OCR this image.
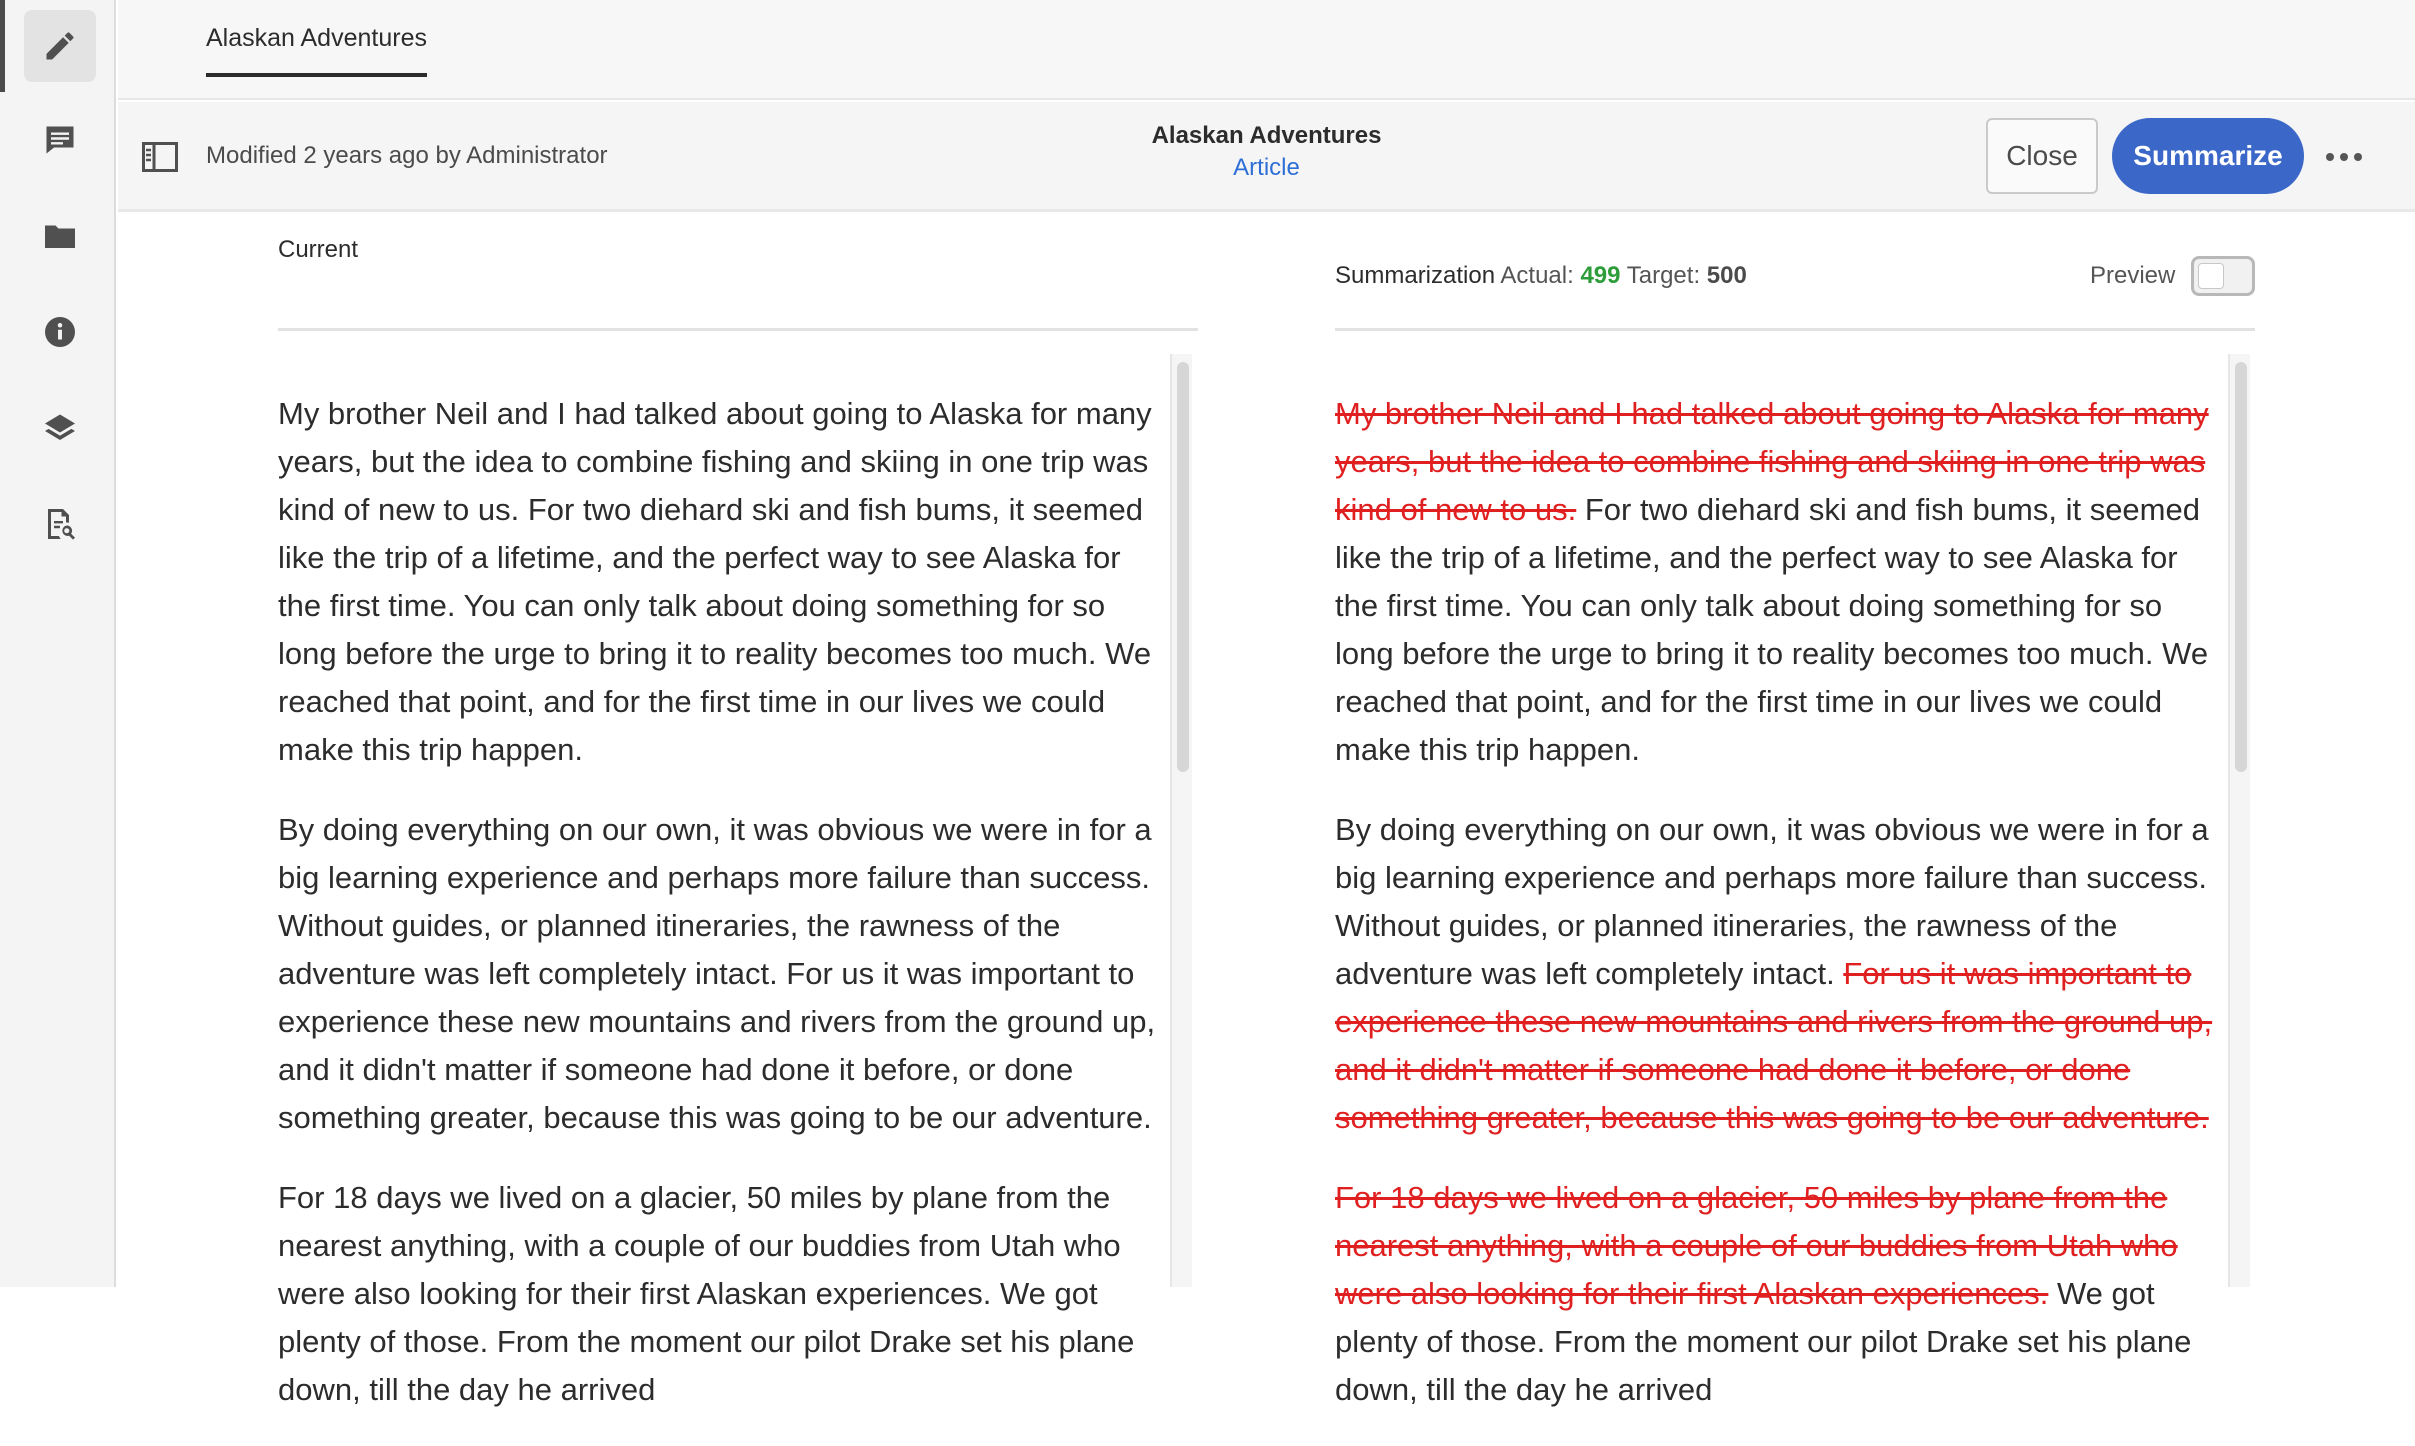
Alaskan Adventures
Modified 2 years ago by Administrator
Alaskan Adventures
Article	Close	Summarize
Current
Summarization Actual: 499 Target: 500	Preview

My brother Neil and I had talked about going to Alaska for many years, but the idea to combine fishing and skiing in one trip was kind of new to us. For two diehard ski and fish bums, it seemed like the trip of a lifetime, and the perfect way to see Alaska for the first time. You can only talk about doing something for so long before the urge to bring it to reality becomes too much. We reached that point, and for the first time in our lives we could make this trip happen.

By doing everything on our own, it was obvious we were in for a big learning experience and perhaps more failure than success. Without guides, or planned itineraries, the rawness of the adventure was left completely intact. For us it was important to experience these new mountains and rivers from the ground up, and it didn't matter if someone had done it before, or done something greater, because this was going to be our adventure.

For 18 days we lived on a glacier, 50 miles by plane from the nearest anything, with a couple of our buddies from Utah who were also looking for their first Alaskan experiences. We got plenty of those. From the moment our pilot Drake set his plane down, till the day he arrived

My brother Neil and I had talked about going to Alaska for many years, but the idea to combine fishing and skiing in one trip was kind of new to us. For two diehard ski and fish bums, it seemed like the trip of a lifetime, and the perfect way to see Alaska for the first time. You can only talk about doing something for so long before the urge to bring it to reality becomes too much. We reached that point, and for the first time in our lives we could make this trip happen.

By doing everything on our own, it was obvious we were in for a big learning experience and perhaps more failure than success. Without guides, or planned itineraries, the rawness of the adventure was left completely intact. For us it was important to experience these new mountains and rivers from the ground up, and it didn't matter if someone had done it before, or done something greater, because this was going to be our adventure.

For 18 days we lived on a glacier, 50 miles by plane from the nearest anything, with a couple of our buddies from Utah who were also looking for their first Alaskan experiences. We got plenty of those. From the moment our pilot Drake set his plane down, till the day he arrived
